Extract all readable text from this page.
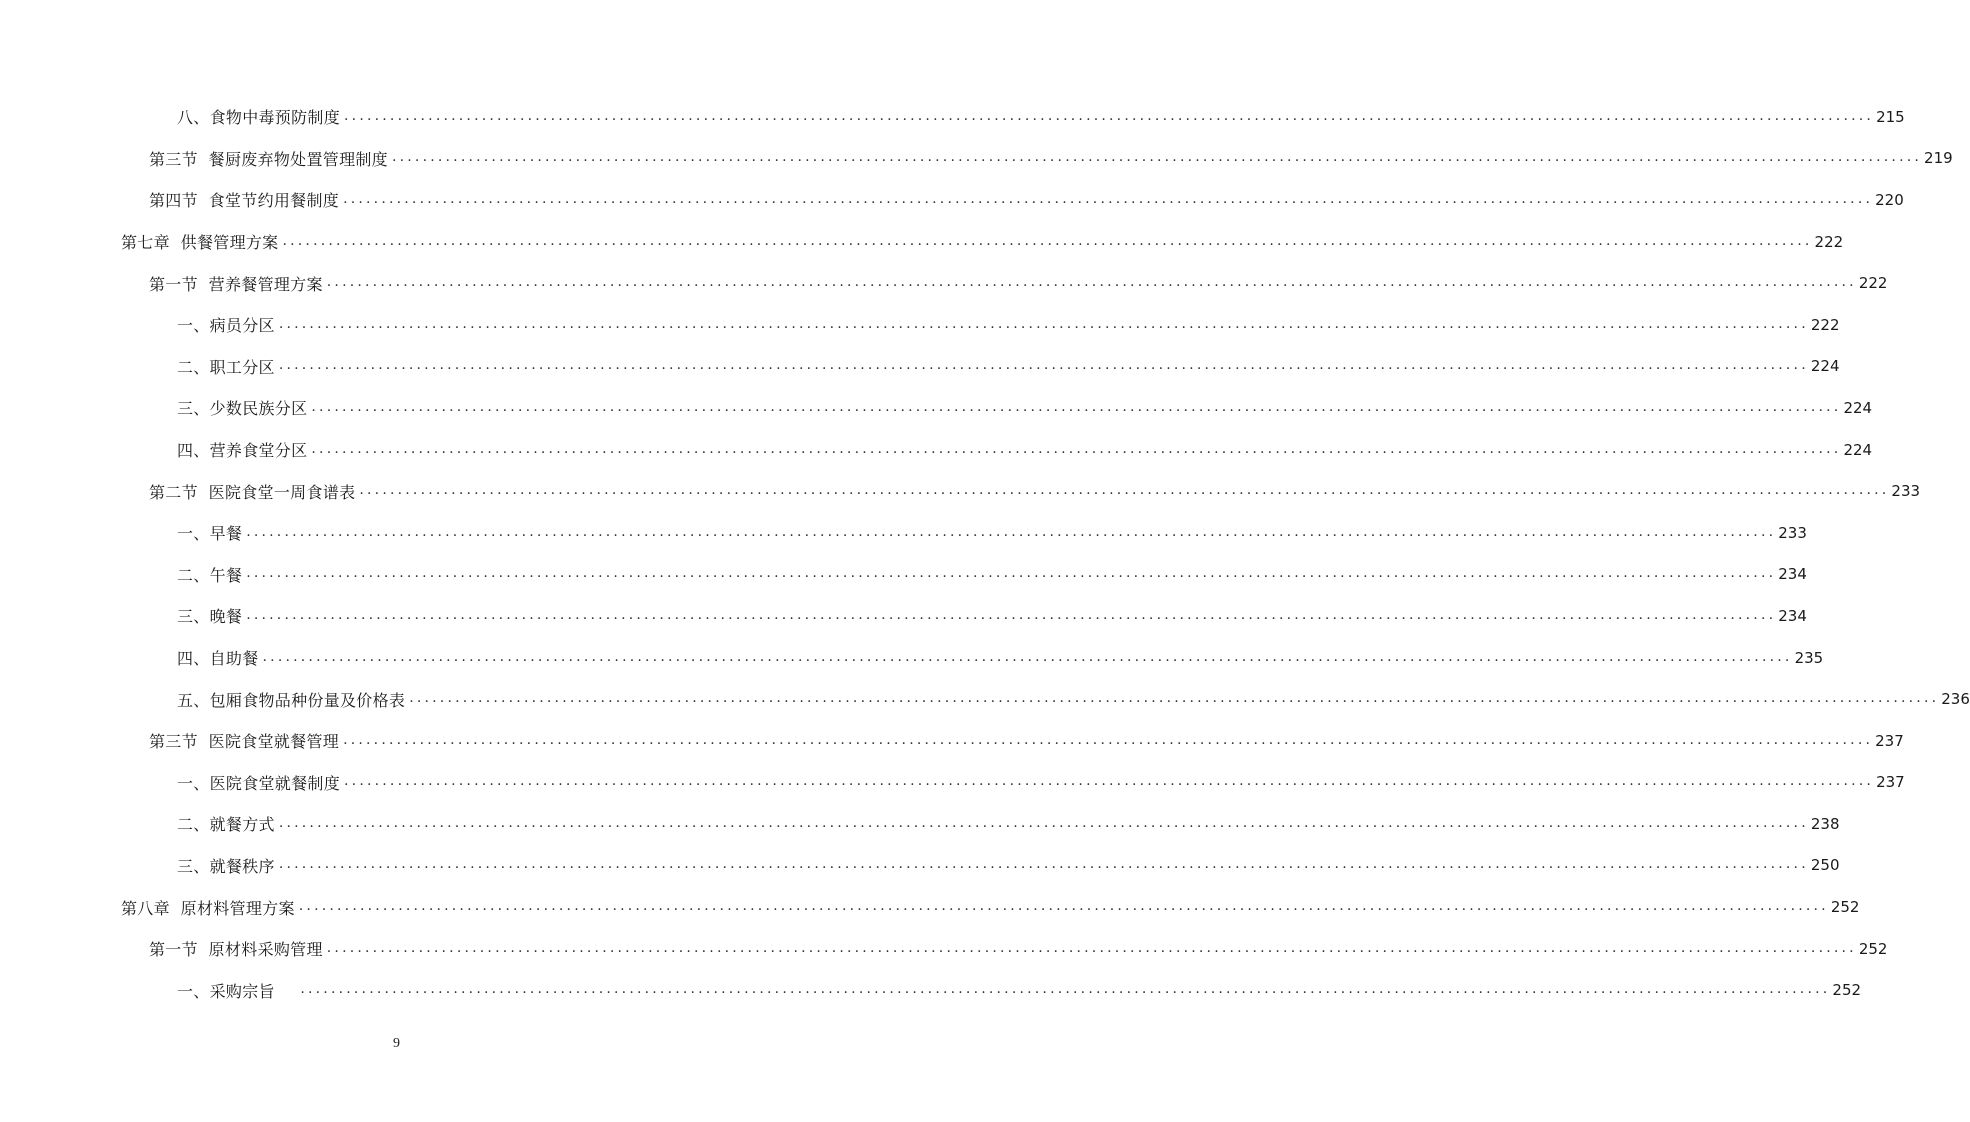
八、食物中毒预防制度 ........................................................................................................................................................................................................ 215
第三节  餐厨废弃物处置管理制度 ........................................................................................................................................................................................................ 219
第四节  食堂节约用餐制度 ........................................................................................................................................................................................................ 220
第七章  供餐管理方案 ........................................................................................................................................................................................................ 222
第一节  营养餐管理方案 ........................................................................................................................................................................................................ 222
一、病员分区 ........................................................................................................................................................................................................ 222
二、职工分区 ........................................................................................................................................................................................................ 224
三、少数民族分区 ........................................................................................................................................................................................................ 224
四、营养食堂分区 ........................................................................................................................................................................................................ 224
第二节  医院食堂一周食谱表 ........................................................................................................................................................................................................ 233
一、早餐 ........................................................................................................................................................................................................ 233
二、午餐 ........................................................................................................................................................................................................ 234
三、晚餐 ........................................................................................................................................................................................................ 234
四、自助餐 ........................................................................................................................................................................................................ 235
五、包厢食物品种份量及价格表 ........................................................................................................................................................................................................ 236
第三节  医院食堂就餐管理 ........................................................................................................................................................................................................ 237
一、医院食堂就餐制度 ........................................................................................................................................................................................................ 237
二、就餐方式 ........................................................................................................................................................................................................ 238
三、就餐秩序 ........................................................................................................................................................................................................ 250
第八章  原材料管理方案 ........................................................................................................................................................................................................ 252
第一节  原材料采购管理 ........................................................................................................................................................................................................ 252
一、采购宗旨 ........................................................................................................................................................................................................ 252
9
